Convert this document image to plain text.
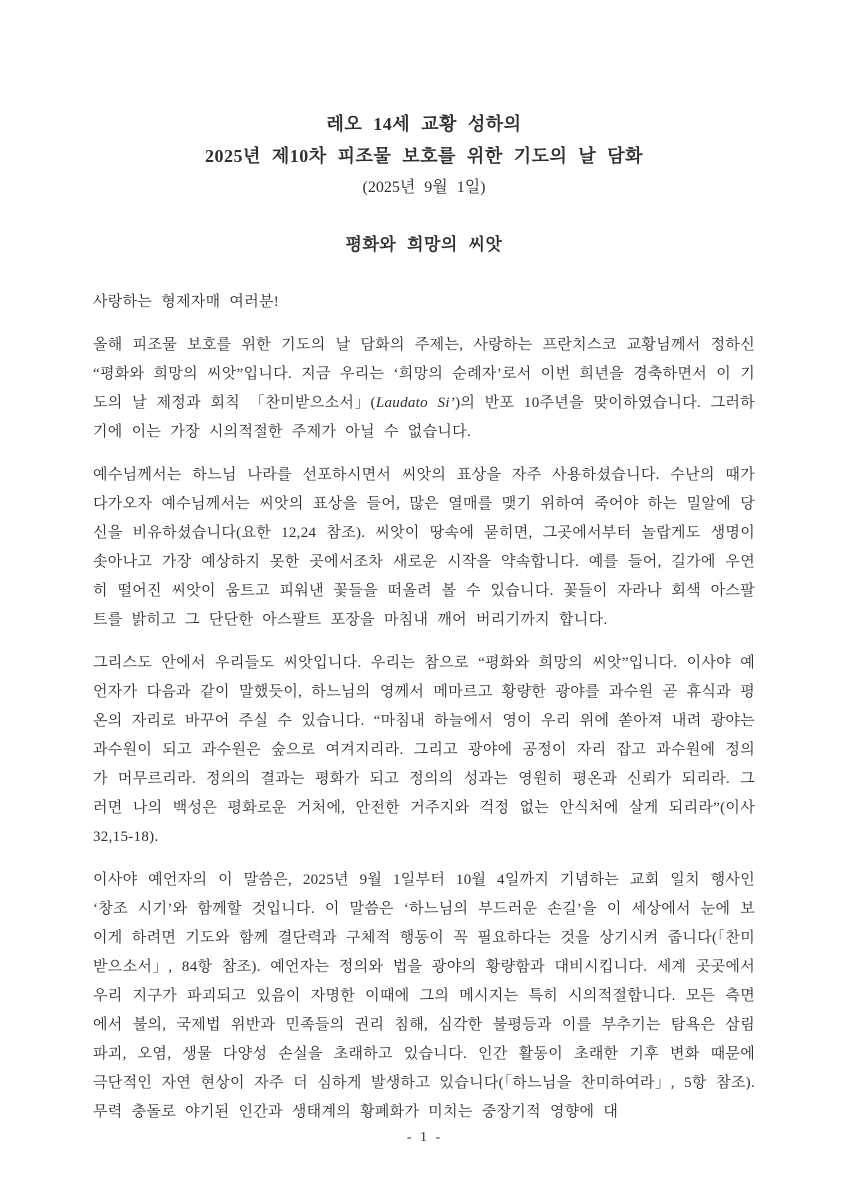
레오 14세 교황 성하의
2025년 제10차 피조물 보호를 위한 기도의 날 담화
(2025년 9월 1일)
평화와 희망의 씨앗

사랑하는 형제자매 여러분!

올해 피조물 보호를 위한 기도의 날 담화의 주제는, 사랑하는 프란치스코 교황님께서 정하신 “평화와 희망의 씨앗”입니다. 지금 우리는 ‘희망의 순례자’로서 이번 희년을 경축하면서 이 기도의 날 제정과 회칙 「찬미받으소서」(Laudato Si’)의 반포 10주년을 맞이하였습니다. 그러하기에 이는 가장 시의적절한 주제가 아닐 수 없습니다.

예수님께서는 하느님 나라를 선포하시면서 씨앗의 표상을 자주 사용하셨습니다. 수난의 때가 다가오자 예수님께서는 씨앗의 표상을 들어, 많은 열매를 맺기 위하여 죽어야 하는 밀알에 당신을 비유하셨습니다(요한 12,24 참조). 씨앗이 땅속에 묻히면, 그곳에서부터 놀랍게도 생명이 솟아나고 가장 예상하지 못한 곳에서조차 새로운 시작을 약속합니다. 예를 들어, 길가에 우연히 떨어진 씨앗이 움트고 피워낸 꽃들을 떠올려 볼 수 있습니다. 꽃들이 자라나 회색 아스팔트를 밝히고 그 단단한 아스팔트 포장을 마침내 깨어 버리기까지 합니다.

그리스도 안에서 우리들도 씨앗입니다. 우리는 참으로 “평화와 희망의 씨앗”입니다. 이사야 예언자가 다음과 같이 말했듯이, 하느님의 영께서 메마르고 황량한 광야를 과수원 곧 휴식과 평온의 자리로 바꾸어 주실 수 있습니다. “마침내 하늘에서 영이 우리 위에 쏟아져 내려 광야는 과수원이 되고 과수원은 숲으로 여겨지리라. 그리고 광야에 공정이 자리 잡고 과수원에 정의가 머무르리라. 정의의 결과는 평화가 되고 정의의 성과는 영원히 평온과 신뢰가 되리라. 그러면 나의 백성은 평화로운 거처에, 안전한 거주지와 걱정 없는 안식처에 살게 되리라”(이사 32,15-18).

이사야 예언자의 이 말씀은, 2025년 9월 1일부터 10월 4일까지 기념하는 교회 일치 행사인 ‘창조 시기’와 함께할 것입니다. 이 말씀은 ‘하느님의 부드러운 손길’을 이 세상에서 눈에 보이게 하려면 기도와 함께 결단력과 구체적 행동이 꼭 필요하다는 것을 상기시켜 줍니다(「찬미받으소서」, 84항 참조). 예언자는 정의와 법을 광야의 황량함과 대비시킵니다. 세계 곳곳에서 우리 지구가 파괴되고 있음이 자명한 이때에 그의 메시지는 특히 시의적절합니다. 모든 측면에서 불의, 국제법 위반과 민족들의 권리 침해, 심각한 불평등과 이를 부추기는 탐욕은 삼림 파괴, 오염, 생물 다양성 손실을 초래하고 있습니다. 인간 활동이 초래한 기후 변화 때문에 극단적인 자연 현상이 자주 더 심하게 발생하고 있습니다(「하느님을 찬미하여라」, 5항 참조). 무력 충돌로 야기된 인간과 생태계의 황폐화가 미치는 중장기적 영향에 대

- 1 -
